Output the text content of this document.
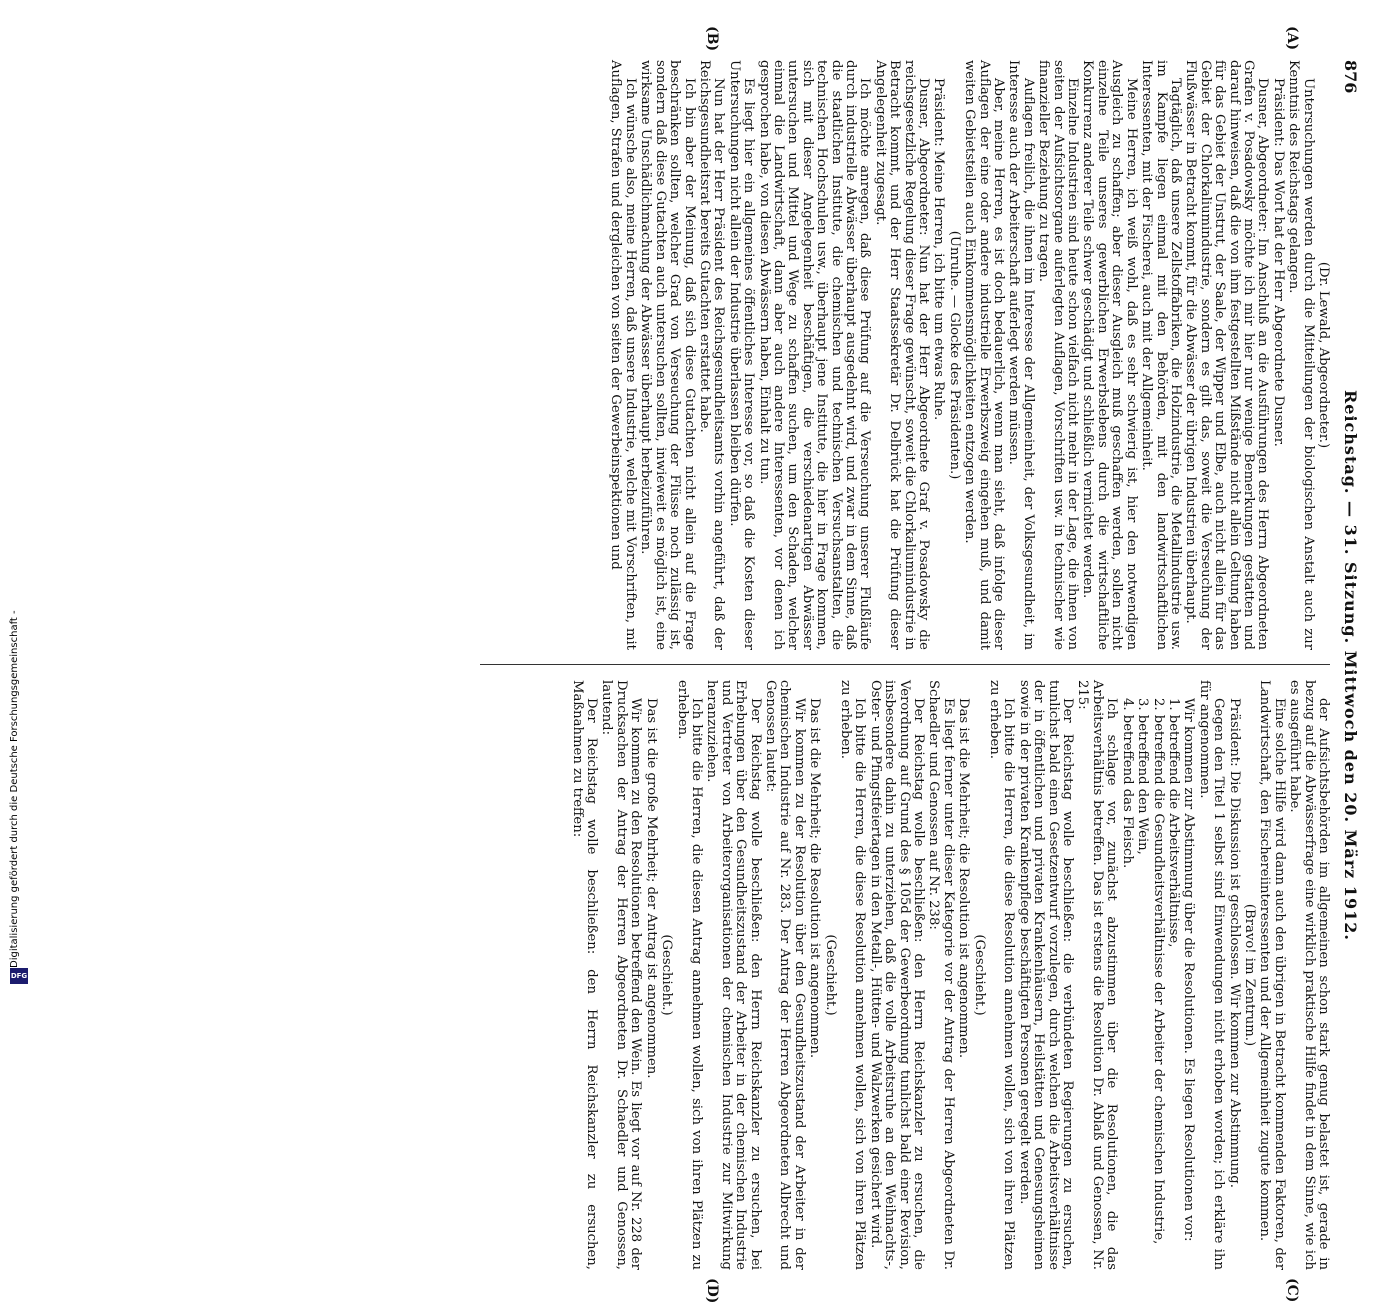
876
Reichstag. — 31. Sitzung. Mittwoch den 20. März 1912.
(A)
(B)
(C)
(D)

(Dr. Lewald, Abgeordneter.)

Untersuchungen werden durch die Mitteilungen der biologischen Anstalt auch zur Kenntnis des Reichstags gelangen.

Präsident: Das Wort hat der Herr Abgeordnete Dusner.

Dusner, Abgeordneter: Im Anschluß an die Ausführungen des Herrn Abgeordneten Grafen v. Posadowsky möchte ich mir hier nur wenige Bemerkungen gestatten und darauf hinweisen, daß die von ihm festgestellten Mißstände nicht allein Geltung haben für das Gebiet der Unstrut, der Saale, der Wipper und Elbe, auch nicht allein für das Gebiet der Chlorkaliumindustrie, sondern es gilt das, soweit die Verseuchung der Flußwässer in Betracht kommt, für die Abwässer der übrigen Industrien überhaupt.

Tagtäglich, daß unsere Zellstoffabriken, die Holzindustrie, die Metallindustrie usw. im Kampfe liegen einmal mit den Behörden, mit den landwirtschaftlichen Interessenten, mit der Fischerei, auch mit der Allgemeinheit.

Meine Herren, ich weiß wohl, daß es sehr schwierig ist, hier den notwendigen Ausgleich zu schaffen; aber dieser Ausgleich muß geschaffen werden, sollen nicht einzelne Teile unseres gewerblichen Erwerbslebens durch die wirtschaftliche Konkurrenz anderer Teile schwer geschädigt und schließlich vernichtet werden.

Einzelne Industrien sind heute schon vielfach nicht mehr in der Lage, die ihnen von seiten der Aufsichtsorgane auferlegten Auflagen, Vorschriften usw. in technischer wie finanzieller Beziehung zu tragen.

Auflagen freilich, die ihnen im Interesse der Allgemeinheit, der Volksgesundheit, im Interesse auch der Arbeiterschaft auferlegt werden müssen.

Aber, meine Herren, es ist doch bedauerlich, wenn man sieht, daß infolge dieser Auflagen der eine oder andere industrielle Erwerbszweig eingehen muß, und damit weiten Gebietsteilen auch Einkommensmöglichkeiten entzogen werden.

(Unruhe. — Glocke des Präsidenten.)

Präsident: Meine Herren, ich bitte um etwas Ruhe.

Dusner, Abgeordneter: Nun hat der Herr Abgeordnete Graf v. Posadowsky die reichsgesetzliche Regelung dieser Frage gewünscht, soweit die Chlorkaliumindustrie in Betracht kommt, und der Herr Staatssekretär Dr. Delbrück hat die Prüfung dieser Angelegenheit zugesagt.

Ich möchte anregen, daß diese Prüfung auf die Verseuchung unserer Flußläufe durch industrielle Abwässer überhaupt ausgedehnt wird, und zwar in dem Sinne, daß die staatlichen Institute, die chemischen und technischen Versuchsanstalten, die technischen Hochschulen usw., überhaupt jene Institute, die hier in Frage kommen, sich mit dieser Angelegenheit beschäftigen, die verschiedenartigen Abwässer untersuchen und Mittel und Wege zu schaffen suchen, um den Schaden, welcher einmal die Landwirtschaft, dann aber auch andere Interessenten, vor denen ich gesprochen habe, von diesen Abwässern haben, Einhalt zu tun.

Es liegt hier ein allgemeines öffentliches Interesse vor, so daß die Kosten dieser Untersuchungen nicht allein der Industrie überlassen bleiben dürfen.

Nun hat der Herr Präsident des Reichsgesundheitsamts vorhin angeführt, daß der Reichsgesundheitsrat bereits Gutachten erstattet habe.

Ich bin aber der Meinung, daß sich diese Gutachten nicht allein auf die Frage beschränken sollten, welcher Grad von Verseuchung der Flüsse noch zulässig ist, sondern daß diese Gutachten auch untersuchen sollten, inwieweit es möglich ist, eine wirksame Unschädlichmachung der Abwässer überhaupt herbeizuführen.

Ich wünsche also, meine Herren, daß unsere Industrie, welche mit Vorschriften, mit Auflagen, Strafen und dergleichen von seiten der Gewerbeinspektionen und

der Aufsichtsbehörden im allgemeinen schon stark genug belastet ist, gerade in bezug auf die Abwässerfrage eine wirklich praktische Hilfe findet in dem Sinne, wie ich es ausgeführt habe.

Eine solche Hilfe wird dann auch den übrigen in Betracht kommenden Faktoren, der Landwirtschaft, den Fischereiinteressenten und der Allgemeinheit zugute kommen.

(Bravo! im Zentrum.)

Präsident: Die Diskussion ist geschlossen. Wir kommen zur Abstimmung.

Gegen den Titel 1 selbst sind Einwendungen nicht erhoben worden; ich erkläre ihn für angenommen.

Wir kommen zur Abstimmung über die Resolutionen. Es liegen Resolutionen vor:

1. betreffend die Arbeitsverhältnisse,

2. betreffend die Gesundheitsverhältnisse der Arbeiter der chemischen Industrie,

3. betreffend den Wein,

4. betreffend das Fleisch.

Ich schlage vor, zunächst abzustimmen über die Resolutionen, die das Arbeitsverhältnis betreffen. Das ist erstens die Resolution Dr. Ablaß und Genossen, Nr. 215:

Der Reichstag wolle beschließen: die verbündeten Regierungen zu ersuchen, tunlichst bald einen Gesetzentwurf vorzulegen, durch welchen die Arbeitsverhältnisse der in öffentlichen und privaten Krankenhäusern, Heilstätten und Genesungsheimen sowie in der privaten Krankenpflege beschäftigten Personen geregelt werden.

Ich bitte die Herren, die diese Resolution annehmen wollen, sich von ihren Plätzen zu erheben.

(Geschieht.)

Das ist die Mehrheit; die Resolution ist angenommen.

Es liegt ferner unter dieser Kategorie vor der Antrag der Herren Abgeordneten Dr. Schaedler und Genossen auf Nr. 238:

Der Reichstag wolle beschließen: den Herrn Reichskanzler zu ersuchen, die Verordnung auf Grund des § 105d der Gewerbeordnung tunlichst bald einer Revision, insbesondere dahin zu unterziehen, daß die volle Arbeitsruhe an den Weihnachts-, Oster- und Pfingstfeiertagen in den Metall-, Hütten- und Walzwerken gesichert wird.

Ich bitte die Herren, die diese Resolution annehmen wollen, sich von ihren Plätzen zu erheben.

(Geschieht.)

Das ist die Mehrheit; die Resolution ist angenommen.

Wir kommen zu der Resolution über den Gesundheitszustand der Arbeiter in der chemischen Industrie auf Nr. 283. Der Antrag der Herren Abgeordneten Albrecht und Genossen lautet:

Der Reichstag wolle beschließen: den Herrn Reichskanzler zu ersuchen, bei Erhebungen über den Gesundheitszustand der Arbeiter in der chemischen Industrie und Vertreter von Arbeiterorganisationen der chemischen Industrie zur Mitwirkung heranzuziehen.

Ich bitte die Herren, die diesen Antrag annehmen wollen, sich von ihren Plätzen zu erheben.

(Geschieht.)

Das ist die große Mehrheit; der Antrag ist angenommen.

Wir kommen zu den Resolutionen betreffend den Wein. Es liegt vor auf Nr. 228 der Drucksachen der Antrag der Herren Abgeordneten Dr. Schaedler und Genossen, lautend:

Der Reichstag wolle beschließen: den Herrn Reichskanzler zu ersuchen, Maßnahmen zu treffen:

Digitalisierung gefördert durch die Deutsche Forschungsgemeinschaft -
DFG
